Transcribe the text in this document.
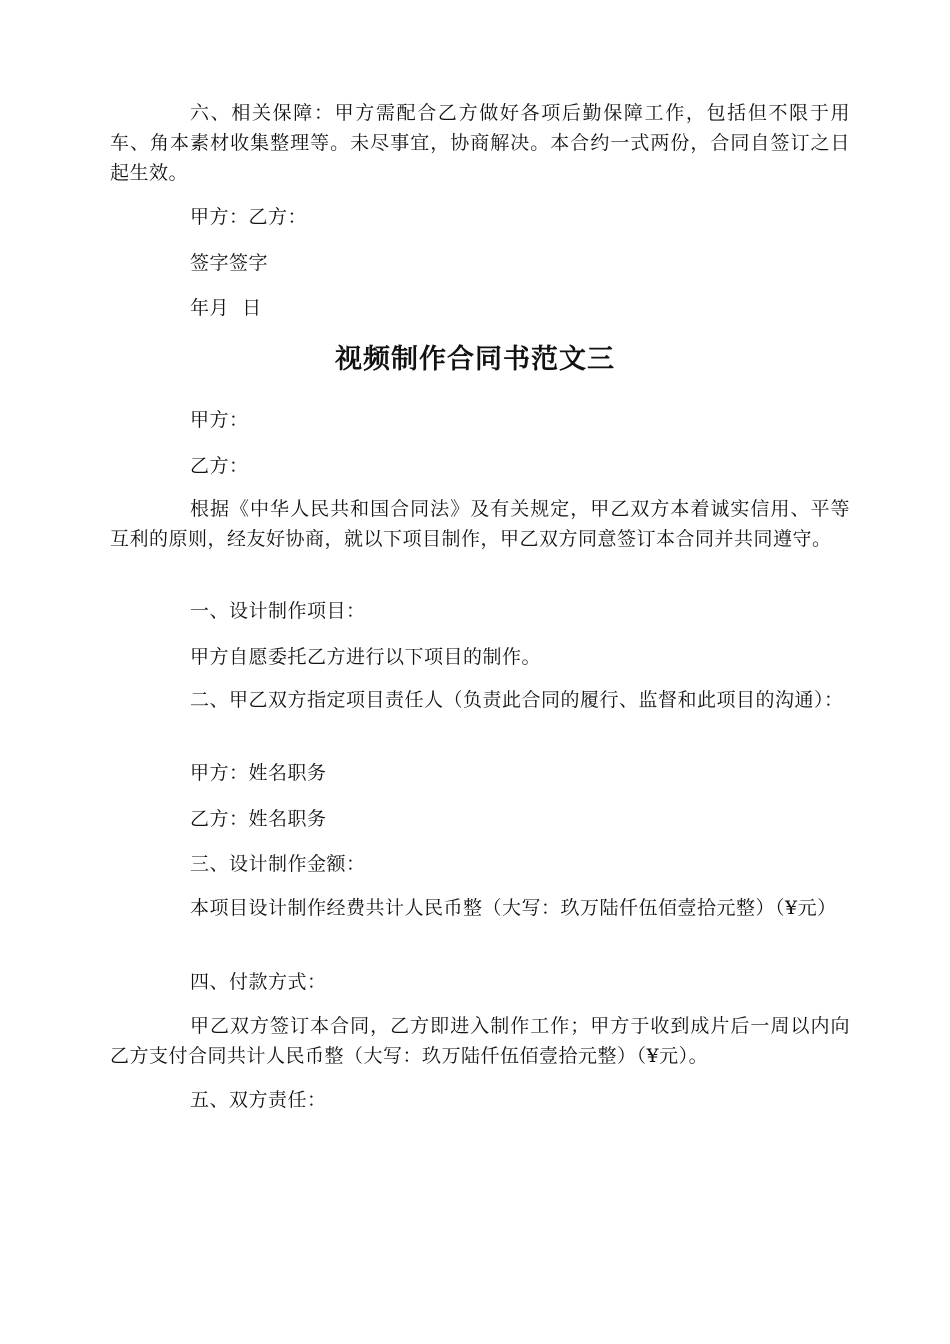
六、相关保障：甲方需配合乙方做好各项后勤保障工作，包括但不限于用车、角本素材收集整理等。未尽事宜，协商解决。本合约一式两份，合同自签订之日起生效。

甲方：乙方：

签字签字

年月  日

视频制作合同书范文三

甲方：

乙方：

根据《中华人民共和国合同法》及有关规定，甲乙双方本着诚实信用、平等互利的原则，经友好协商，就以下项目制作，甲乙双方同意签订本合同并共同遵守。

一、设计制作项目：

甲方自愿委托乙方进行以下项目的制作。

二、甲乙双方指定项目责任人（负责此合同的履行、监督和此项目的沟通）：

甲方：姓名职务

乙方：姓名职务

三、设计制作金额：

本项目设计制作经费共计人民币整（大写：玖万陆仟伍佰壹拾元整）（¥元）

四、付款方式：

甲乙双方签订本合同，乙方即进入制作工作；甲方于收到成片后一周以内向  乙方支付合同共计人民币整（大写：玖万陆仟伍佰壹拾元整）（¥元）。

五、双方责任：
